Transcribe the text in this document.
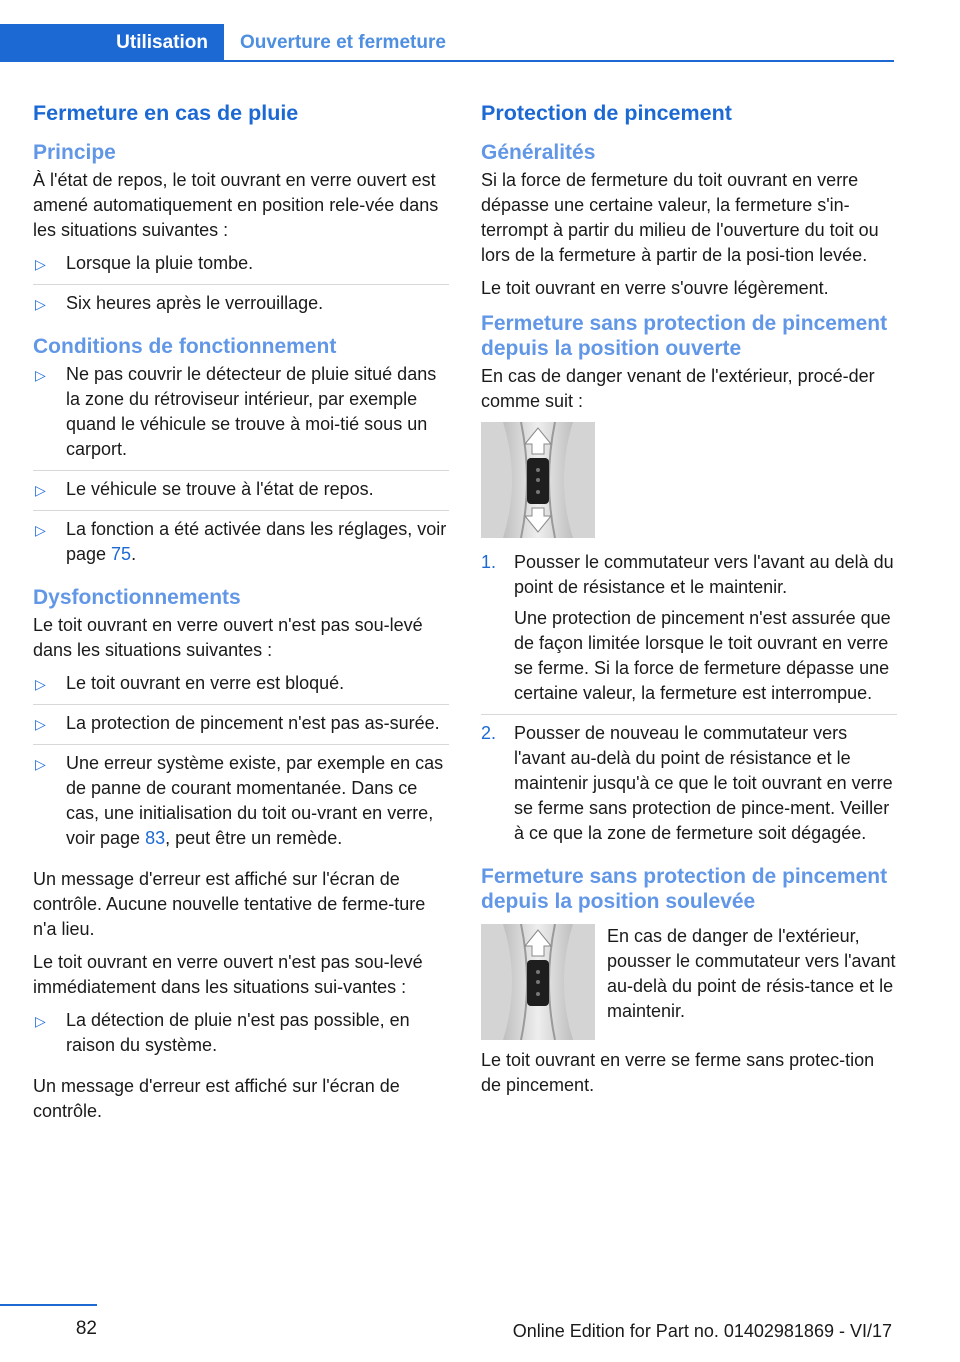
Utilisation	Ouverture et fermeture
Fermeture en cas de pluie
Principe

À l'état de repos, le toit ouvrant en verre ouvert est amené automatiquement en position rele‐vée dans les situations suivantes :

▷ Lorsque la pluie tombe.
▷ Six heures après le verrouillage.
Conditions de fonctionnement
▷ Ne pas couvrir le détecteur de pluie situé dans la zone du rétroviseur intérieur, par exemple quand le véhicule se trouve à moi‐tié sous un carport.
▷ Le véhicule se trouve à l'état de repos.
▷ La fonction a été activée dans les réglages, voir page 75.
Dysfonctionnements

Le toit ouvrant en verre ouvert n'est pas sou‐levé dans les situations suivantes :

▷ Le toit ouvrant en verre est bloqué.
▷ La protection de pincement n'est pas as‐surée.
▷ Une erreur système existe, par exemple en cas de panne de courant momentanée. Dans ce cas, une initialisation du toit ou‐vrant en verre, voir page 83, peut être un remède.

Un message d'erreur est affiché sur l'écran de contrôle. Aucune nouvelle tentative de ferme‐ture n'a lieu.

Le toit ouvrant en verre ouvert n'est pas sou‐levé immédiatement dans les situations sui‐vantes :

▷ La détection de pluie n'est pas possible, en raison du système.

Un message d'erreur est affiché sur l'écran de contrôle.

Protection de pincement
Généralités

Si la force de fermeture du toit ouvrant en verre dépasse une certaine valeur, la fermeture s'in‐terrompt à partir du milieu de l'ouverture du toit ou lors de la fermeture à partir de la posi‐tion levée.

Le toit ouvrant en verre s'ouvre légèrement.

Fermeture sans protection de pincement depuis la position ouverte

En cas de danger venant de l'extérieur, procé‐der comme suit :

1. Pousser le commutateur vers l'avant au delà du point de résistance et le maintenir.

Une protection de pincement n'est assurée que de façon limitée lorsque le toit ouvrant en verre se ferme. Si la force de fermeture dépasse une certaine valeur, la fermeture est interrompue.

2. Pousser de nouveau le commutateur vers l'avant au-delà du point de résistance et le maintenir jusqu'à ce que le toit ouvrant en verre se ferme sans protection de pince‐ment. Veiller à ce que la zone de fermeture soit dégagée.
Fermeture sans protection de pincement depuis la position soulevée

En cas de danger de l'extérieur, pousser le commutateur vers l'avant au-delà du point de résis‐tance et le maintenir.

Le toit ouvrant en verre se ferme sans protec‐tion de pincement.

82	Online Edition for Part no. 01402981869 - VI/17
